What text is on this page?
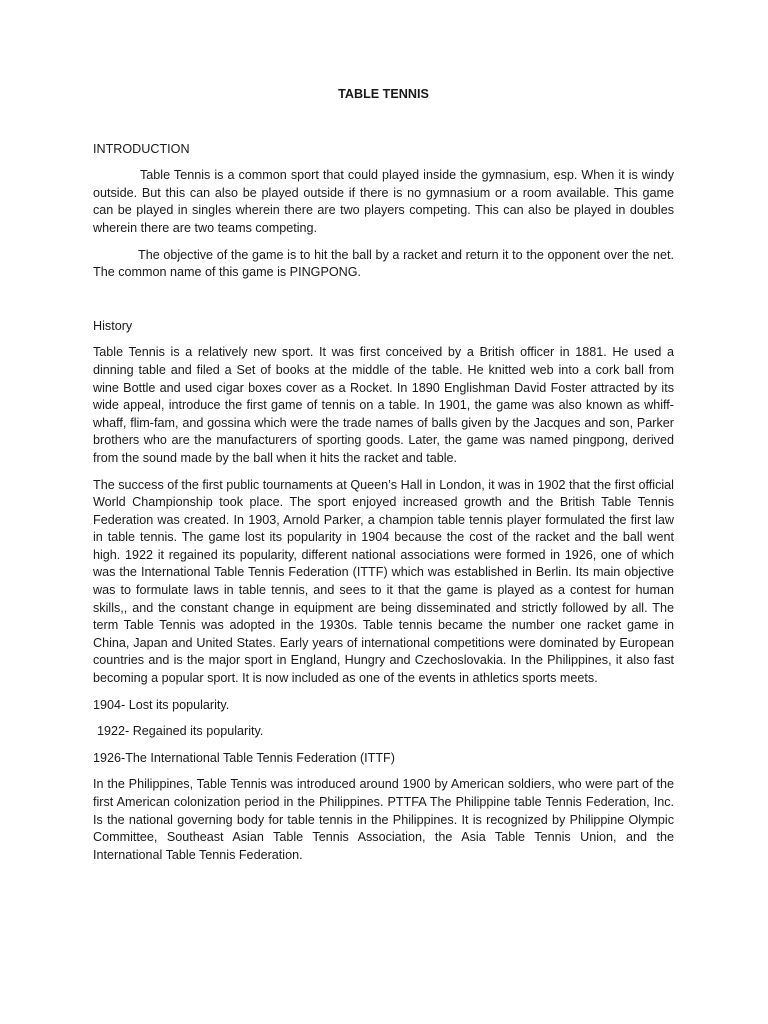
TABLE TENNIS
INTRODUCTION
Table Tennis is a common sport that could played inside the gymnasium, esp. When it is windy outside. But this can also be played outside if there is no gymnasium or a room available. This game can be played in singles wherein there are two players competing. This can also be played in doubles wherein there are two teams competing.
The objective of the game is to hit the ball by a racket and return it to the opponent over the net. The common name of this game is PINGPONG.
History
Table Tennis is a relatively new sport. It was first conceived by a British officer in 1881. He used a dinning table and filed a Set of books at the middle of the table. He knitted web into a cork ball from wine Bottle and used cigar boxes cover as a Rocket. In 1890 Englishman David Foster attracted by its wide appeal, introduce the first game of tennis on a table. In 1901, the game was also known as whiff-whaff, flim-fam, and gossina which were the trade names of balls given by the Jacques and son, Parker brothers who are the manufacturers of sporting goods. Later, the game was named pingpong, derived from the sound made by the ball when it hits the racket and table.
The success of the first public tournaments at Queen’s Hall in London, it was in 1902 that the first official World Championship took place. The sport enjoyed increased growth and the British Table Tennis Federation was created. In 1903, Arnold Parker, a champion table tennis player formulated the first law in table tennis. The game lost its popularity in 1904 because the cost of the racket and the ball went high. 1922 it regained its popularity, different national associations were formed in 1926, one of which was the International Table Tennis Federation (ITTF) which was established in Berlin. Its main objective was to formulate laws in table tennis, and sees to it that the game is played as a contest for human skills,, and the constant change in equipment are being disseminated and strictly followed by all. The term Table Tennis was adopted in the 1930s. Table tennis became the number one racket game in China, Japan and United States. Early years of international competitions were dominated by European countries and is the major sport in England, Hungry and Czechoslovakia. In the Philippines, it also fast becoming a popular sport. It is now included as one of the events in athletics sports meets.
1904- Lost its popularity.
1922- Regained its popularity.
1926-The International Table Tennis Federation (ITTF)
In the Philippines, Table Tennis was introduced around 1900 by American soldiers, who were part of the first American colonization period in the Philippines. PTTFA The Philippine table Tennis Federation, Inc. Is the national governing body for table tennis in the Philippines. It is recognized by Philippine Olympic Committee, Southeast Asian Table Tennis Association, the Asia Table Tennis Union, and the International Table Tennis Federation.
